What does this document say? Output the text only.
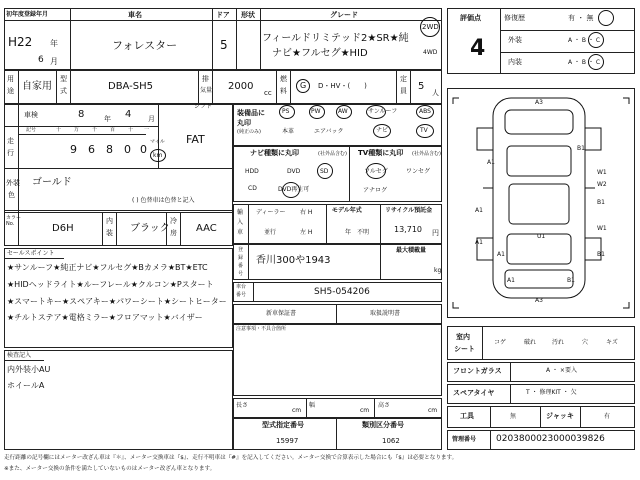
初年度登録年月
H22 年
6 月
車名
フォレスター
ドア
5
形状	グレード
フィールドリミテッド2★SR★純
ナビ★フルセグ★HID
2WD
4WD
用
途 自家用
型
式	DBA-SH5
排
気量 2000
cc
燃
料
G D・HV・(　　)
定
員 5
人
車検	8	年 4 月
走
行
記号	十	万	千	百	十 一
マイル
9 6 8 0 0 km
シフト
FAT
外装
色
ゴールド
( ) 色替車は色替と記入
カラー
No.	D6H
内
装 ブラック
冷
房 AAC
セールスポイント
★サンルーフ★純正ナビ★フルセグ★Bカメラ★BT★ETC
★HIDヘッドライト★ルーフレール★クルコン★Pスタート
★スマートキー★スペアキー★パワーシート★シートヒーター
★チルトステア★電格ミラー★フロアマット★バイザー
検査記入
内外装小AU
ホイールA
装備品に
丸印
(純正のみ)
PS	PW	AW	サンルーフ	ABS
本革	エアバック	ナビ	TV
ナビ種類に丸印	(社外品含む)
HDD	DVD	SD
CD	DVD再生可
TV種類に丸印 (社外品含む)
フルセグ	ワンセグ
アナログ
輸
入
車
ディーラー 右 H
並行	左 H
モデル年式
年　不明
リサイクル預託金
13,710 円
登
録
番
号
香川300や1943
最大積載量
kg
車台
番号	SH5-054206
新車保証書	取扱説明書
注意事項・不具合箇所
長さ
cm
幅
cm
高さ
cm
型式指定番号
15997
類別区分番号
1062
評価点
4
修復歴	有 ・ 無
外装	A ・ B ・ C
内装	A ・ B ・ C
A3
A1
A1
B1
B1
W1
W2
A1
W1
U1
A1
A1	B1
A3
B1
室内
シート
コゲ	破れ	汚れ	穴	キズ
フロントガラス	A ・ ×要入
スペアタイヤ	T ・ 修理KIT ・ 欠
工具	無	ジャッキ	有
管理番号 0203800023000039826
走行距離の記号欄にはメーター改ざん車は『＊』、メーター交換車は『$』、走行不明車は『#』を記入してください。メーター交換で合算表示した場合にも『$』は必要となります。
※また、メーター交換の条件を満たしていないものはメーター改ざん車となります。
